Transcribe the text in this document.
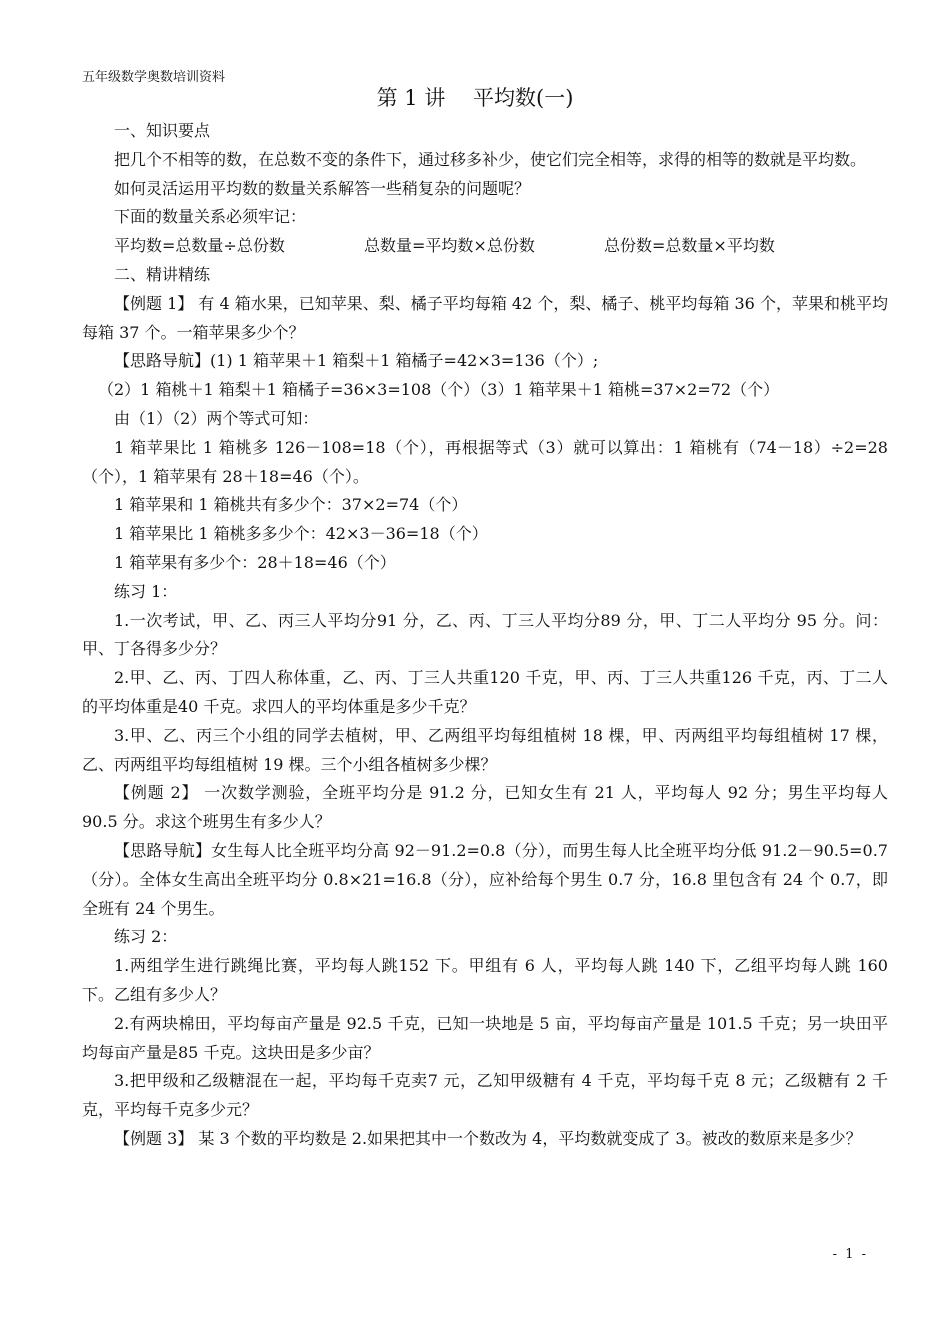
五年级数学奥数培训资料
第 1 讲　 平均数(一)

一、知识要点

把几个不相等的数，在总数不变的条件下，通过移多补少，使它们完全相等，求得的相等的数就是平均数。

如何灵活运用平均数的数量关系解答一些稍复杂的问题呢？

下面的数量关系必须牢记：

平均数=总数量÷总份数	总数量=平均数×总份数	总份数=总数量×平均数

二、精讲精练

【例题 1】 有 4 箱水果，已知苹果、梨、橘子平均每箱 42 个，梨、橘子、桃平均每箱 36 个，苹果和桃平均每箱 37 个。一箱苹果多少个？

【思路导航】(1) 1 箱苹果＋1 箱梨＋1 箱橘子=42×3=136（个）;

（2）1 箱桃＋1 箱梨＋1 箱橘子=36×3=108（个）（3）1 箱苹果＋1 箱桃=37×2=72（个）

由（1）（2）两个等式可知：

1 箱苹果比 1 箱桃多 126－108=18（个），再根据等式（3）就可以算出：1 箱桃有（74－18）÷2=28（个），1 箱苹果有 28＋18=46（个）。

1 箱苹果和 1 箱桃共有多少个：37×2=74（个）

1 箱苹果比 1 箱桃多多少个：42×3－36=18（个）

1 箱苹果有多少个：28＋18=46（个）

练习 1：

1.一次考试，甲、乙、丙三人平均分91 分，乙、丙、丁三人平均分89 分，甲、丁二人平均分 95 分。问：甲、丁各得多少分？

2.甲、乙、丙、丁四人称体重，乙、丙、丁三人共重120 千克，甲、丙、丁三人共重126 千克，丙、丁二人的平均体重是40 千克。求四人的平均体重是多少千克？

3.甲、乙、丙三个小组的同学去植树，甲、乙两组平均每组植树 18 棵，甲、丙两组平均每组植树 17 棵，乙、丙两组平均每组植树 19 棵。三个小组各植树多少棵？

【例题 2】 一次数学测验，全班平均分是 91.2 分，已知女生有 21 人，平均每人 92 分；男生平均每人 90.5 分。求这个班男生有多少人？

【思路导航】女生每人比全班平均分高 92－91.2=0.8（分），而男生每人比全班平均分低 91.2－90.5=0.7（分）。全体女生高出全班平均分 0.8×21=16.8（分），应补给每个男生 0.7 分，16.8 里包含有 24 个 0.7，即全班有 24 个男生。

练习 2：

1.两组学生进行跳绳比赛，平均每人跳152 下。甲组有 6 人，平均每人跳 140 下，乙组平均每人跳 160 下。乙组有多少人？

2.有两块棉田，平均每亩产量是 92.5 千克，已知一块地是 5 亩，平均每亩产量是 101.5 千克；另一块田平均每亩产量是85 千克。这块田是多少亩？

3.把甲级和乙级糖混在一起，平均每千克卖7 元，乙知甲级糖有 4 千克，平均每千克 8 元；乙级糖有 2 千克，平均每千克多少元？

【例题 3】 某 3 个数的平均数是 2.如果把其中一个数改为 4，平均数就变成了 3。被改的数原来是多少？

- 1 -
